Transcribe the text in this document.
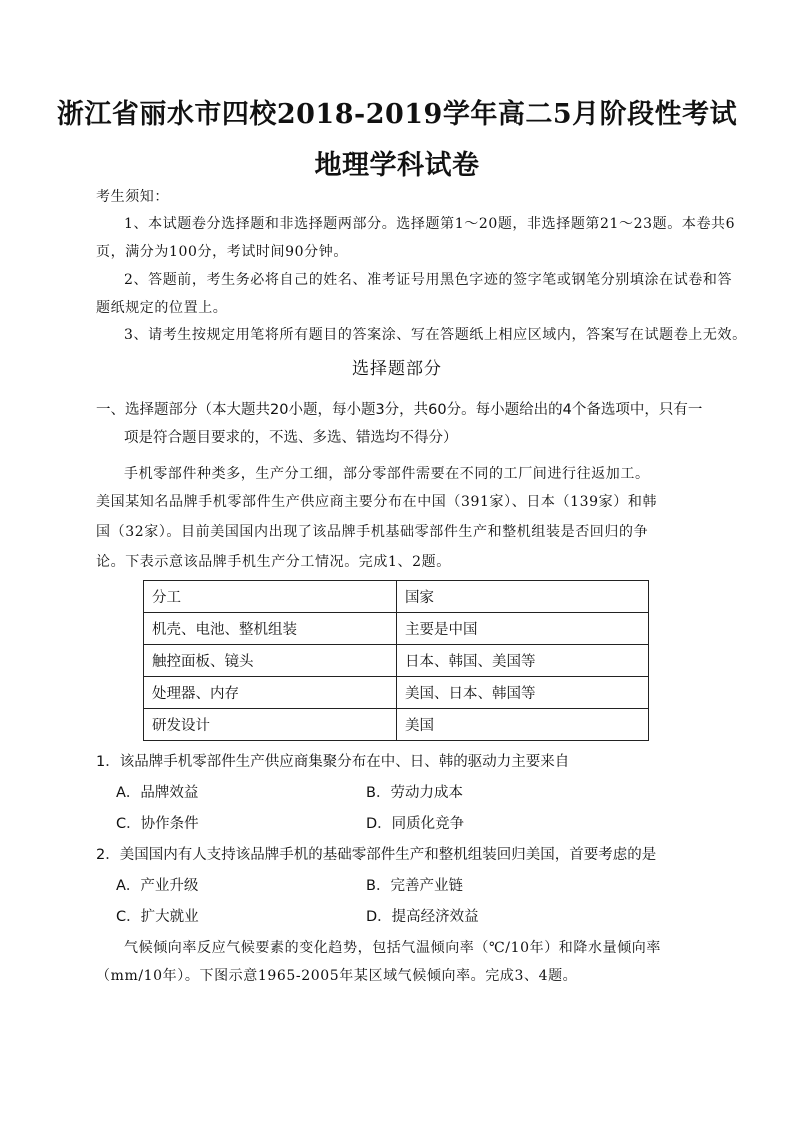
浙江省丽水市四校2018-2019学年高二5月阶段性考试
地理学科试卷
考生须知：
1、本试题卷分选择题和非选择题两部分。选择题第1～20题，非选择题第21～23题。本卷共6
页，满分为100分，考试时间90分钟。
2、答题前，考生务必将自己的姓名、准考证号用黑色字迹的签字笔或钢笔分别填涂在试卷和答
题纸规定的位置上。
3、请考生按规定用笔将所有题目的答案涂、写在答题纸上相应区域内，答案写在试题卷上无效。
选择题部分
一、选择题部分（本大题共20小题，每小题3分，共60分。每小题给出的4个备选项中，只有一
项是符合题目要求的，不选、多选、错选均不得分）
手机零部件种类多，生产分工细，部分零部件需要在不同的工厂间进行往返加工。
美国某知名品牌手机零部件生产供应商主要分布在中国（391家）、日本（139家）和韩
国（32家）。目前美国国内出现了该品牌手机基础零部件生产和整机组装是否回归的争
论。下表示意该品牌手机生产分工情况。完成1、2题。
分工	国家
机壳、电池、整机组装	主要是中国
触控面板、镜头	日本、韩国、美国等
处理器、内存	美国、日本、韩国等
研发设计	美国
1．该品牌手机零部件生产供应商集聚分布在中、日、韩的驱动力主要来自
A．品牌效益	B．劳动力成本
C．协作条件	D．同质化竞争
2．美国国内有人支持该品牌手机的基础零部件生产和整机组装回归美国，首要考虑的是
A．产业升级	B．完善产业链
C．扩大就业	D．提高经济效益
气候倾向率反应气候要素的变化趋势，包括气温倾向率（℃/10年）和降水量倾向率
（mm/10年）。下图示意1965-2005年某区域气候倾向率。完成3、4题。
